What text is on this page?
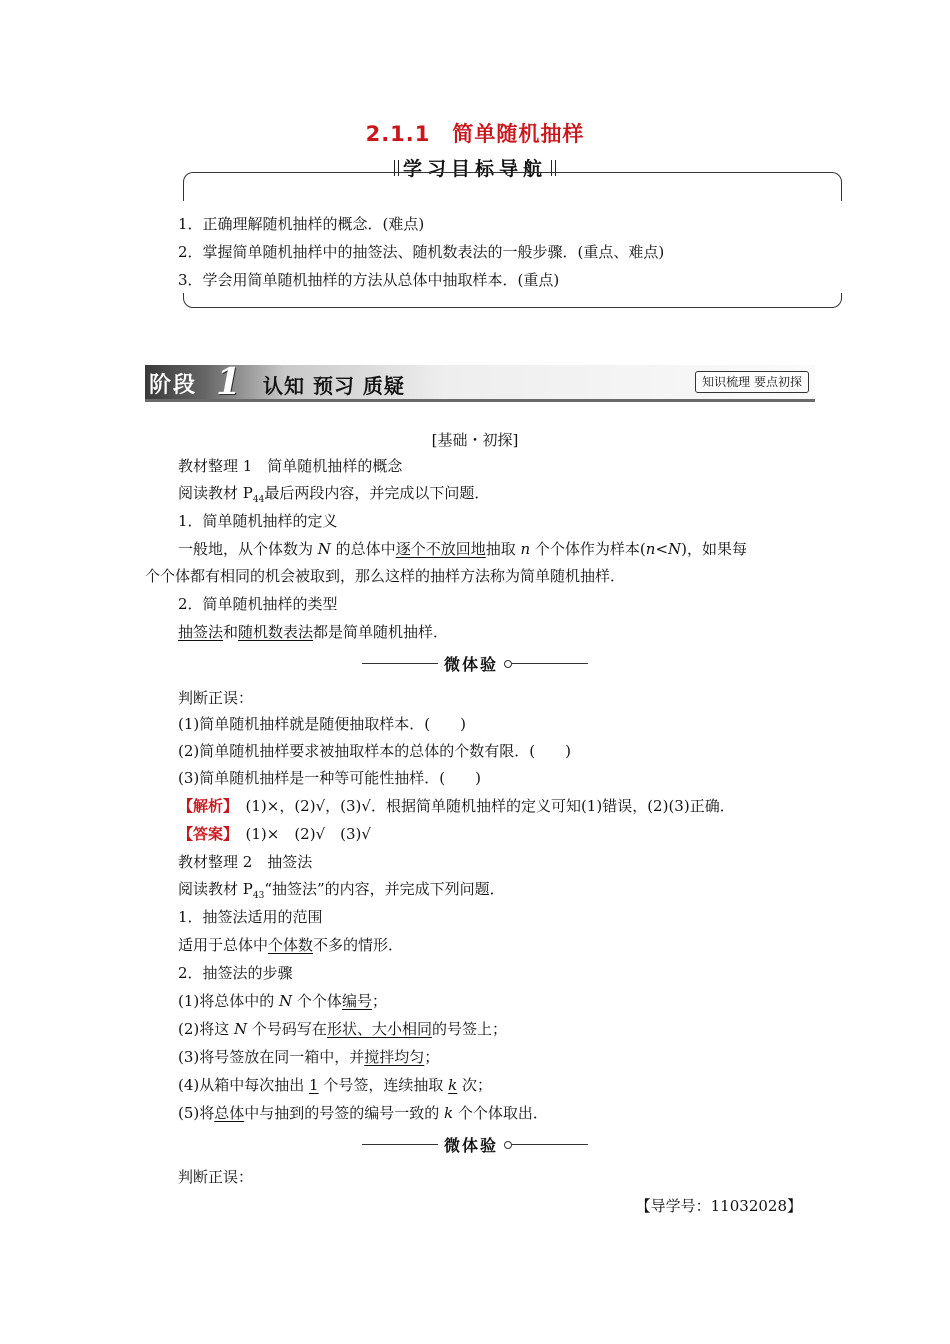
2.1.1　简单随机抽样
学习目标导航
1．正确理解随机抽样的概念．(难点)
2．掌握简单随机抽样中的抽签法、随机数表法的一般步骤．(重点、难点)
3．学会用简单随机抽样的方法从总体中抽取样本．(重点)
阶段 1 认知 预习 质疑	知识梳理 要点初探
[基础・初探]
教材整理 1　简单随机抽样的概念
阅读教材 $P_{44}$最后两段内容，并完成以下问题．
1．简单随机抽样的定义
一般地，从个体数为 N 的总体中逐个不放回地抽取 n 个个体作为样本(n<N)，如果每
个个体都有相同的机会被取到，那么这样的抽样方法称为简单随机抽样．
2．简单随机抽样的类型
抽签法和随机数表法都是简单随机抽样．
微体验
判断正误：
(1)简单随机抽样就是随便抽取样本．(　　)
(2)简单随机抽样要求被抽取样本的总体的个数有限．(　　)
(3)简单随机抽样是一种等可能性抽样．(　　)
【解析】　(1)×，(2)√，(3)√．根据简单随机抽样的定义可知(1)错误，(2)(3)正确．
【答案】　(1)×　(2)√　(3)√
教材整理 2　抽签法
阅读教材 $P_{43}“$抽签法”的内容，并完成下列问题．
1．抽签法适用的范围
适用于总体中个体数不多的情形．
2．抽签法的步骤
(1)将总体中的 N 个个体编号；
(2)将这 N 个号码写在形状、大小相同的号签上；
(3)将号签放在同一箱中，并搅拌均匀；
(4)从箱中每次抽出 1 个号签，连续抽取 k 次；
(5)将总体中与抽到的号签的编号一致的 k 个个体取出．
微体验
判断正误：
【导学号：11032028】
